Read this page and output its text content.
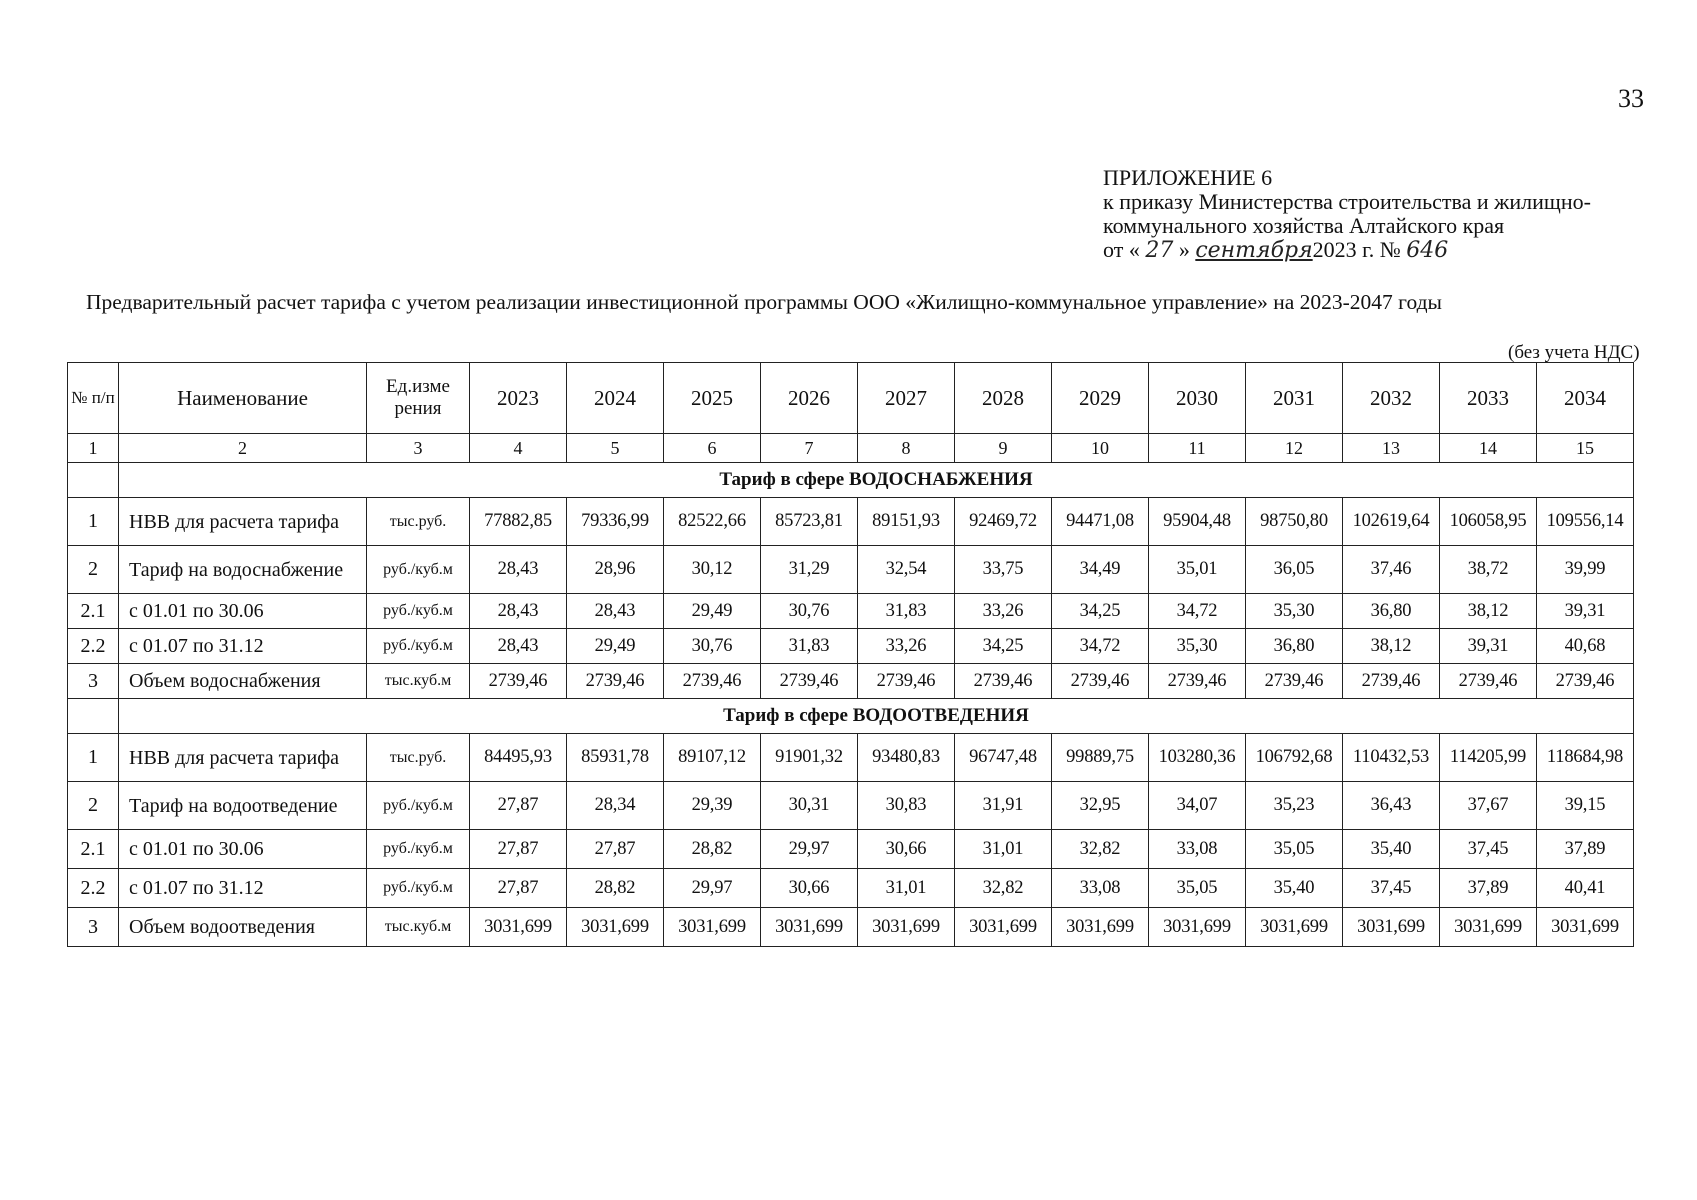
33
ПРИЛОЖЕНИЕ 6
к приказу Министерства строительства и жилищно-
коммунального хозяйства Алтайского края
от « 27 » сентября2023 г. № 646
Предварительный расчет тарифа с учетом реализации инвестиционной программы ООО «Жилищно-коммунальное управление» на 2023-2047 годы
(без учета НДС)
№ п/п	Наименование	Ед.изме рения	2023	2024	2025	2026	2027	2028	2029	2030	2031	2032	2033	2034
1	2	3	4	5	6	7	8	9	10	11	12	13	14	15
	Тариф в сфере ВОДОСНАБЖЕНИЯ													
1	НВВ для расчета тарифа	тыс.руб.	77882,85	79336,99	82522,66	85723,81	89151,93	92469,72	94471,08	95904,48	98750,80	102619,64	106058,95	109556,14
2	Тариф на водоснабжение	руб./куб.м	28,43	28,96	30,12	31,29	32,54	33,75	34,49	35,01	36,05	37,46	38,72	39,99
2.1	с 01.01 по 30.06	руб./куб.м	28,43	28,43	29,49	30,76	31,83	33,26	34,25	34,72	35,30	36,80	38,12	39,31
2.2	с 01.07 по 31.12	руб./куб.м	28,43	29,49	30,76	31,83	33,26	34,25	34,72	35,30	36,80	38,12	39,31	40,68
3	Объем водоснабжения	тыс.куб.м	2739,46	2739,46	2739,46	2739,46	2739,46	2739,46	2739,46	2739,46	2739,46	2739,46	2739,46	2739,46
	Тариф в сфере ВОДООТВЕДЕНИЯ													
1	НВВ для расчета тарифа	тыс.руб.	84495,93	85931,78	89107,12	91901,32	93480,83	96747,48	99889,75	103280,36	106792,68	110432,53	114205,99	118684,98
2	Тариф на водоотведение	руб./куб.м	27,87	28,34	29,39	30,31	30,83	31,91	32,95	34,07	35,23	36,43	37,67	39,15
2.1	с 01.01 по 30.06	руб./куб.м	27,87	27,87	28,82	29,97	30,66	31,01	32,82	33,08	35,05	35,40	37,45	37,89
2.2	с 01.07 по 31.12	руб./куб.м	27,87	28,82	29,97	30,66	31,01	32,82	33,08	35,05	35,40	37,45	37,89	40,41
3	Объем водоотведения	тыс.куб.м	3031,699	3031,699	3031,699	3031,699	3031,699	3031,699	3031,699	3031,699	3031,699	3031,699	3031,699	3031,699
